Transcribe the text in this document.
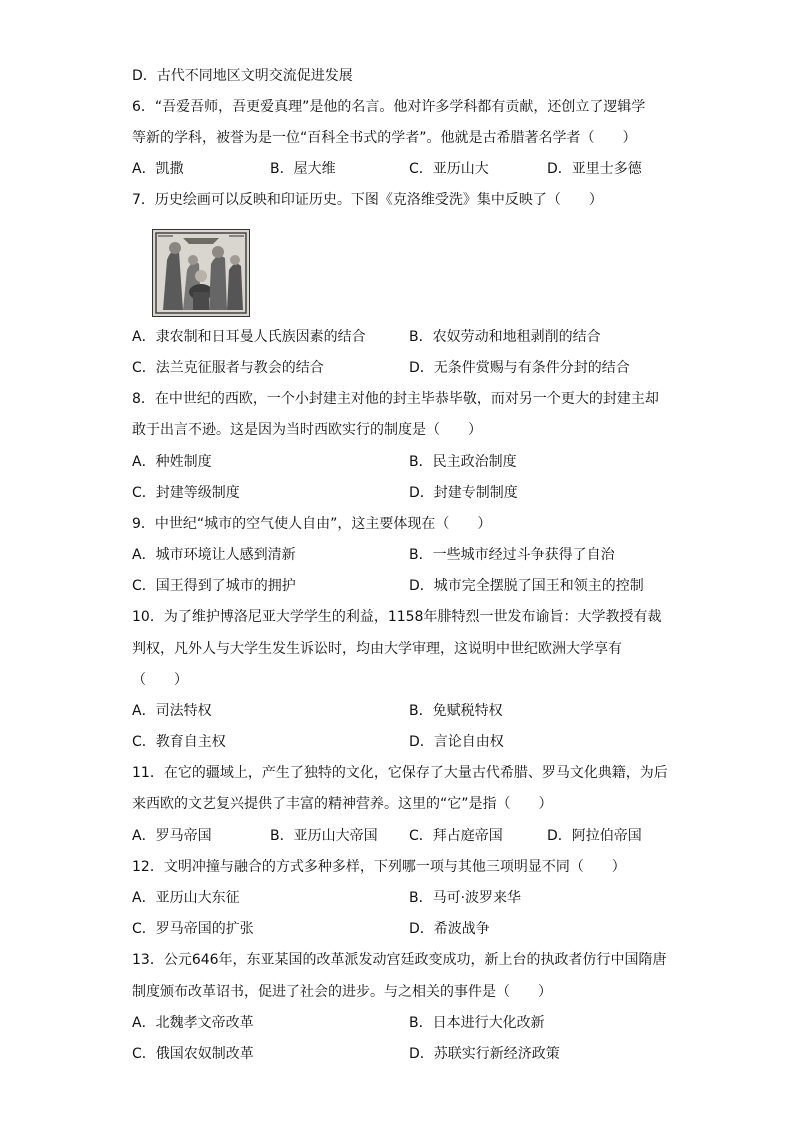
D．古代不同地区文明交流促进发展
6．“吾爱吾师，吾更爱真理”是他的名言。他对许多学科都有贡献，还创立了逻辑学
等新的学科，被誉为是一位“百科全书式的学者”。他就是古希腊著名学者（　　）
A．凯撒	B．屋大维	C．亚历山大	D．亚里士多德
7．历史绘画可以反映和印证历史。下图《克洛维受洗》集中反映了（　　）
A．隶农制和日耳曼人氏族因素的结合	B．农奴劳动和地租剥削的结合
C．法兰克征服者与教会的结合	D．无条件赏赐与有条件分封的结合
8．在中世纪的西欧，一个小封建主对他的封主毕恭毕敬，而对另一个更大的封建主却
敢于出言不逊。这是因为当时西欧实行的制度是（　　）
A．种姓制度	B．民主政治制度
C．封建等级制度	D．封建专制制度
9．中世纪“城市的空气使人自由”，这主要体现在（　　）
A．城市环境让人感到清新	B．一些城市经过斗争获得了自治
C．国王得到了城市的拥护	D．城市完全摆脱了国王和领主的控制
10．为了维护博洛尼亚大学学生的利益，1158年腓特烈一世发布谕旨：大学教授有裁
判权，凡外人与大学生发生诉讼时，均由大学审理，这说明中世纪欧洲大学享有
（　　）
A．司法特权	B．免赋税特权
C．教育自主权	D．言论自由权
11．在它的疆域上，产生了独特的文化，它保存了大量古代希腊、罗马文化典籍，为后
来西欧的文艺复兴提供了丰富的精神营养。这里的“它”是指（　　）
A．罗马帝国	B．亚历山大帝国 C．拜占庭帝国	D．阿拉伯帝国
12．文明冲撞与融合的方式多种多样，下列哪一项与其他三项明显不同（　　）
A．亚历山大东征	B．马可·波罗来华
C．罗马帝国的扩张	D．希波战争
13．公元646年，东亚某国的改革派发动宫廷政变成功，新上台的执政者仿行中国隋唐
制度颁布改革诏书，促进了社会的进步。与之相关的事件是（　　）
A．北魏孝文帝改革	B．日本进行大化改新
C．俄国农奴制改革	D．苏联实行新经济政策
